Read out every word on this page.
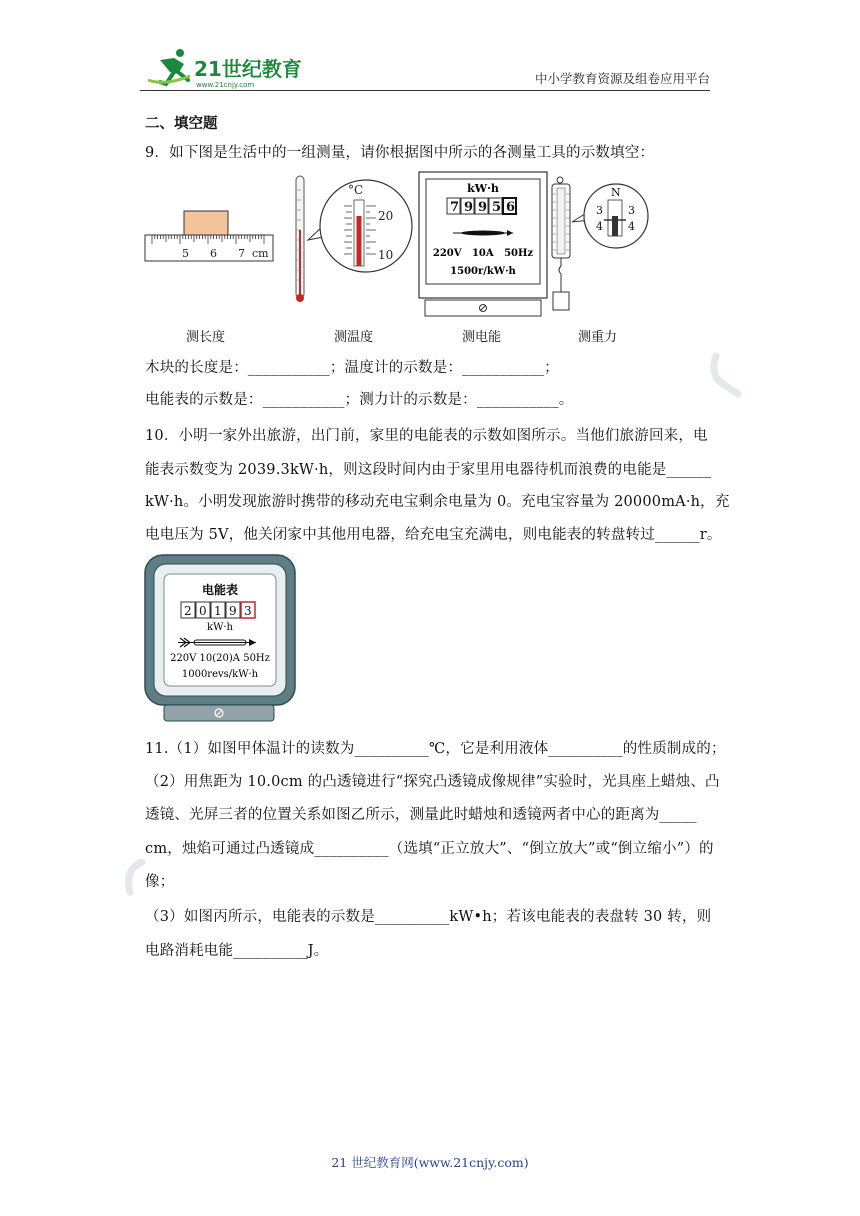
21世纪教育
www.21cnjy.com	中小学教育资源及组卷应用平台
二、填空题
9．如下图是生活中的一组测量，请你根据图中所示的各测量工具的示数填空：
5 6 7 cm
°C
20
10
kW·h
7 9 9 5 6
220V   10A   50Hz
1500r/kW·h
N
3
4
3
4
测长度	测温度	测电能	测重力
木块的长度是：___________；温度计的示数是：___________；
电能表的示数是：___________；测力计的示数是：___________。
10．小明一家外出旅游，出门前，家里的电能表的示数如图所示。当他们旅游回来，电
能表示数变为 2039.3kW·h，则这段时间内由于家里用电器待机而浪费的电能是______
kW·h。小明发现旅游时携带的移动充电宝剩余电量为 0。充电宝容量为 20000mA·h，充
电电压为 5V，他关闭家中其他用电器，给充电宝充满电，则电能表的转盘转过______r。
电能表
2 0 1 9 3
kW·h
220V 10(20)A 50Hz
1000revs/kW·h
11.（1）如图甲体温计的读数为__________℃，它是利用液体__________的性质制成的；
（2）用焦距为 10.0cm 的凸透镜进行“探究凸透镜成像规律”实验时，光具座上蜡烛、凸
透镜、光屏三者的位置关系如图乙所示，测量此时蜡烛和透镜两者中心的距离为_____
cm，烛焰可通过凸透镜成__________（选填“正立放大”、“倒立放大”或“倒立缩小”）的
像；
（3）如图丙所示，电能表的示数是__________kW•h；若该电能表的表盘转 30 转，则
电路消耗电能__________J。
21 世纪教育网(www.21cnjy.com)
